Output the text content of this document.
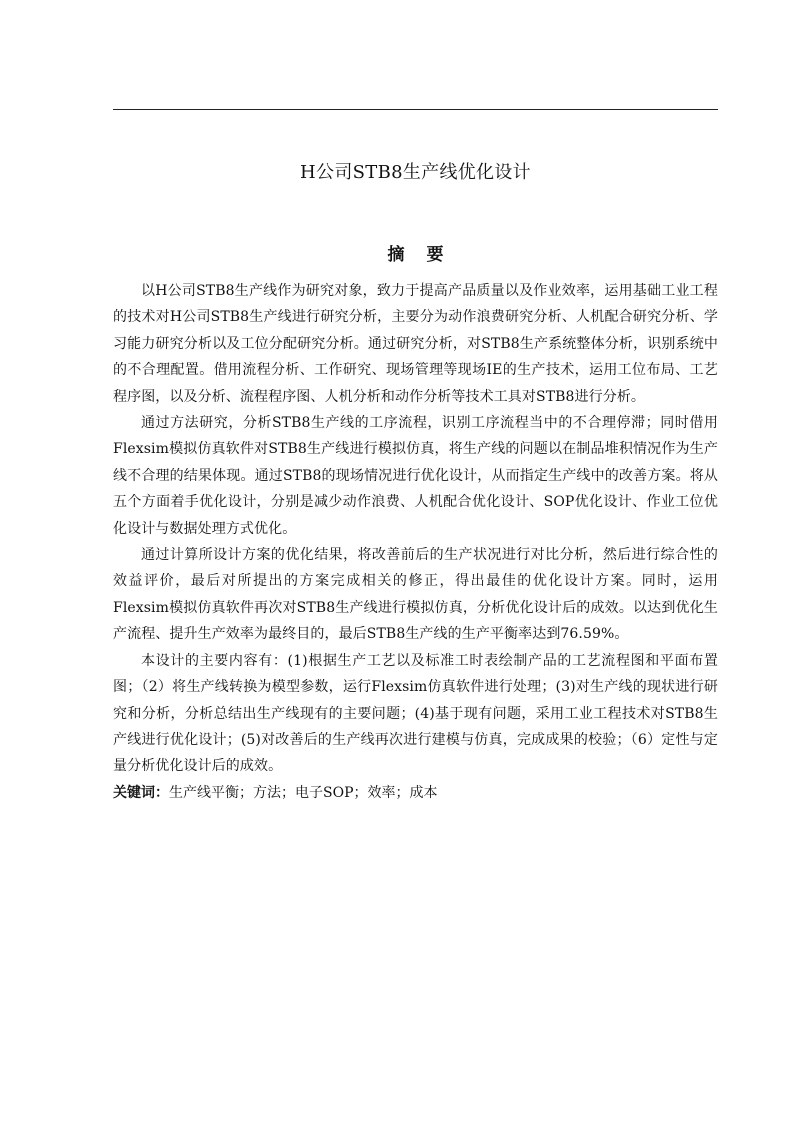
H公司STB8生产线优化设计
摘要

以H公司STB8生产线作为研究对象，致力于提高产品质量以及作业效率，运用基础工业工程的技术对H公司STB8生产线进行研究分析，主要分为动作浪费研究分析、人机配合研究分析、学习能力研究分析以及工位分配研究分析。通过研究分析，对STB8生产系统整体分析，识别系统中的不合理配置。借用流程分析、工作研究、现场管理等现场IE的生产技术，运用工位布局、工艺程序图，以及分析、流程程序图、人机分析和动作分析等技术工具对STB8进行分析。

通过方法研究，分析STB8生产线的工序流程，识别工序流程当中的不合理停滞；同时借用Flexsim模拟仿真软件对STB8生产线进行模拟仿真，将生产线的问题以在制品堆积情况作为生产线不合理的结果体现。通过STB8的现场情况进行优化设计，从而指定生产线中的改善方案。将从五个方面着手优化设计，分别是减少动作浪费、人机配合优化设计、SOP优化设计、作业工位优化设计与数据处理方式优化。

通过计算所设计方案的优化结果，将改善前后的生产状况进行对比分析，然后进行综合性的效益评价，最后对所提出的方案完成相关的修正，得出最佳的优化设计方案。同时，运用Flexsim模拟仿真软件再次对STB8生产线进行模拟仿真，分析优化设计后的成效。以达到优化生产流程、提升生产效率为最终目的，最后STB8生产线的生产平衡率达到76.59%。

本设计的主要内容有：(1)根据生产工艺以及标准工时表绘制产品的工艺流程图和平面布置图；（2）将生产线转换为模型参数，运行Flexsim仿真软件进行处理；(3)对生产线的现状进行研究和分析，分析总结出生产线现有的主要问题；(4)基于现有问题，采用工业工程技术对STB8生产线进行优化设计；(5)对改善后的生产线再次进行建模与仿真，完成成果的校验；（6）定性与定量分析优化设计后的成效。

关键词：生产线平衡；方法；电子SOP；效率；成本
